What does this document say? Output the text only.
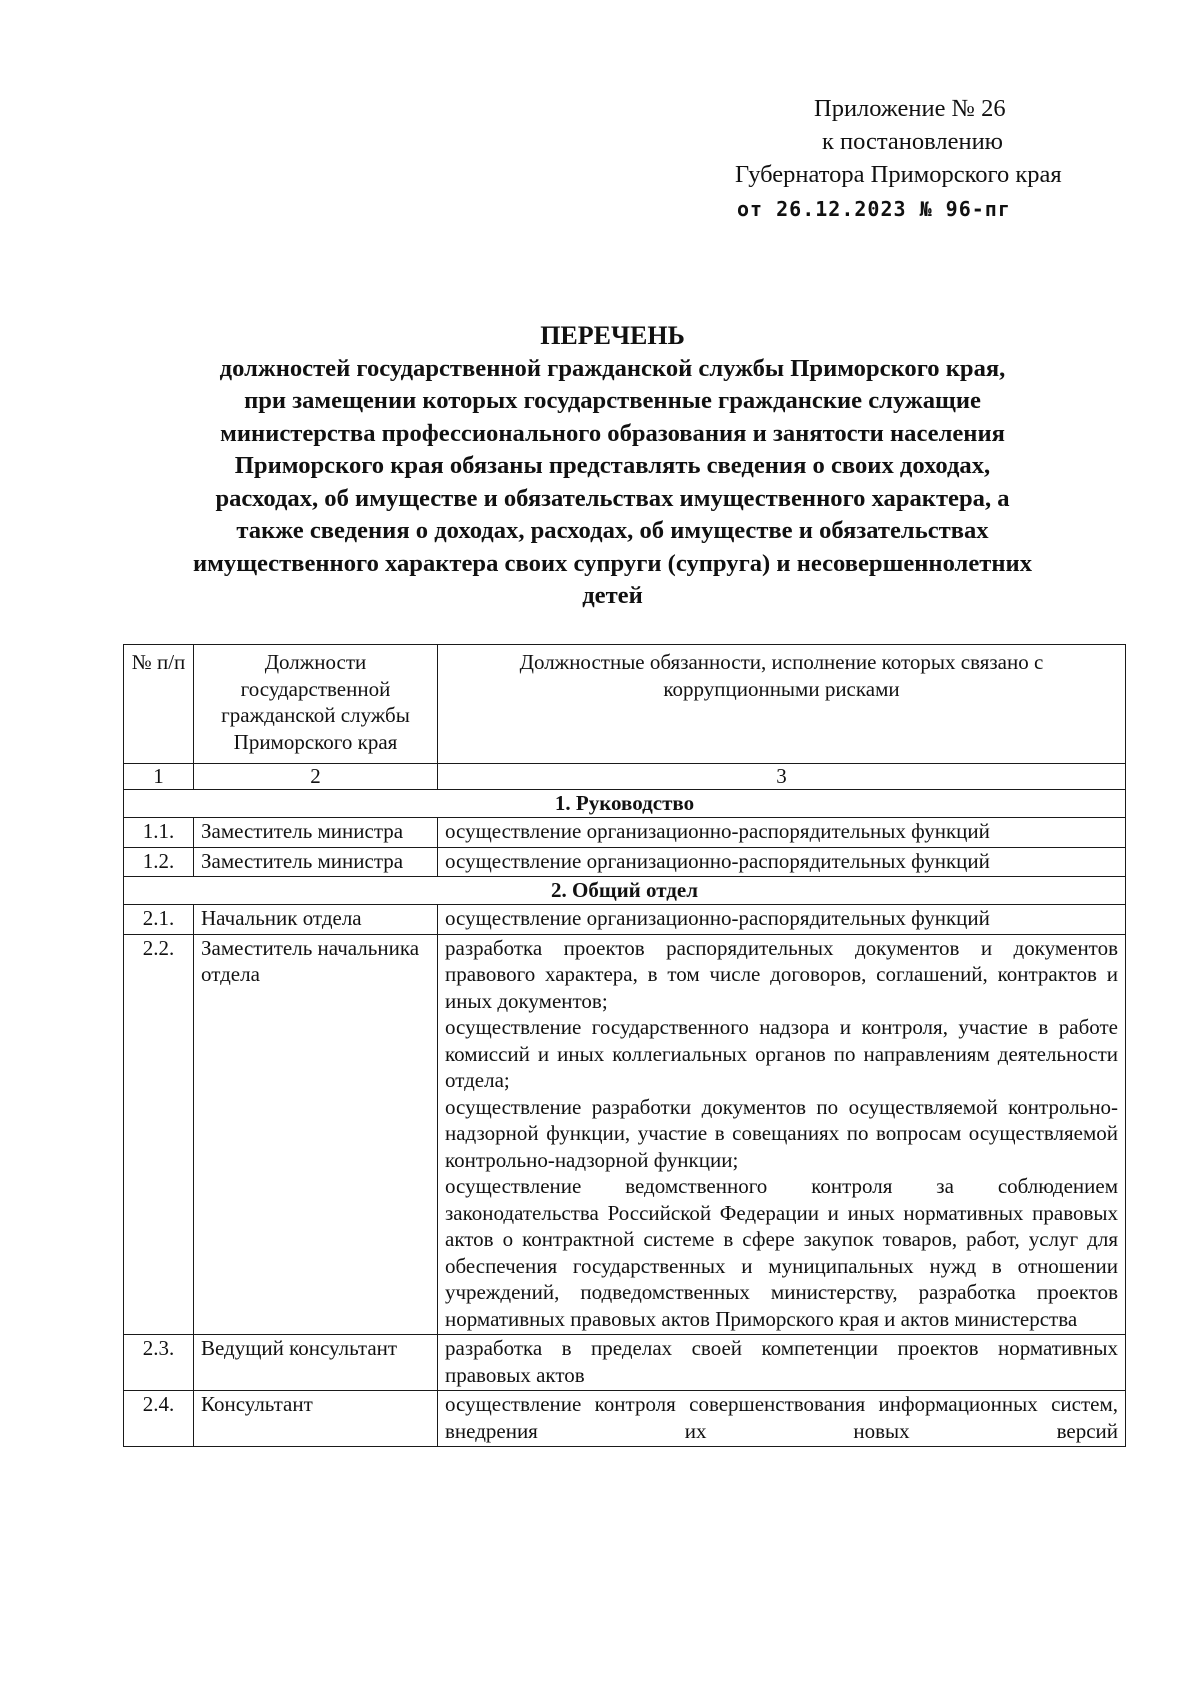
Приложение № 26
к постановлению
Губернатора Приморского края
от 26.12.2023 № 96-пг
ПЕРЕЧЕНЬ
должностей государственной гражданской службы Приморского края,
при замещении которых государственные гражданские служащие
министерства профессионального образования и занятости населения
Приморского края обязаны представлять сведения о своих доходах,
расходах, об имуществе и обязательствах имущественного характера, а
также сведения о доходах, расходах, об имуществе и обязательствах
имущественного характера своих супруги (супруга) и несовершеннолетних
детей
№ п/п	Должности государственной гражданской службы Приморского края	Должностные обязанности, исполнение которых связано с коррупционными рисками
1	2	3
1. Руководство		
1.1.	Заместитель министра	осуществление организационно-распорядительных функций
1.2.	Заместитель министра	осуществление организационно-распорядительных функций
2. Общий отдел		
2.1.	Начальник отдела	осуществление организационно-распорядительных функций
2.2.	Заместитель начальника отдела	разработка проектов распорядительных документов и документов правового характера, в том числе договоров, соглашений, контрактов и иных документов;

осуществление государственного надзора и контроля, участие в работе комиссий и иных коллегиальных органов по направлениям деятельности отдела;

осуществление разработки документов по осуществляемой контрольно-надзорной функции, участие в совещаниях по вопросам осуществляемой контрольно-надзорной функции;

осуществление ведомственного контроля за соблюдением законодательства Российской Федерации и иных нормативных правовых актов о контрактной системе в сфере закупок товаров, работ, услуг для обеспечения государственных и муниципальных нужд в отношении учреждений, подведомственных министерству, разработка проектов нормативных правовых актов Приморского края и актов министерства

2.3.	Ведущий консультант	разработка в пределах своей компетенции проектов нормативных правовых актов

2.4.	Консультант	осуществление контроля совершенствования информационных систем, внедрения их новых версий
